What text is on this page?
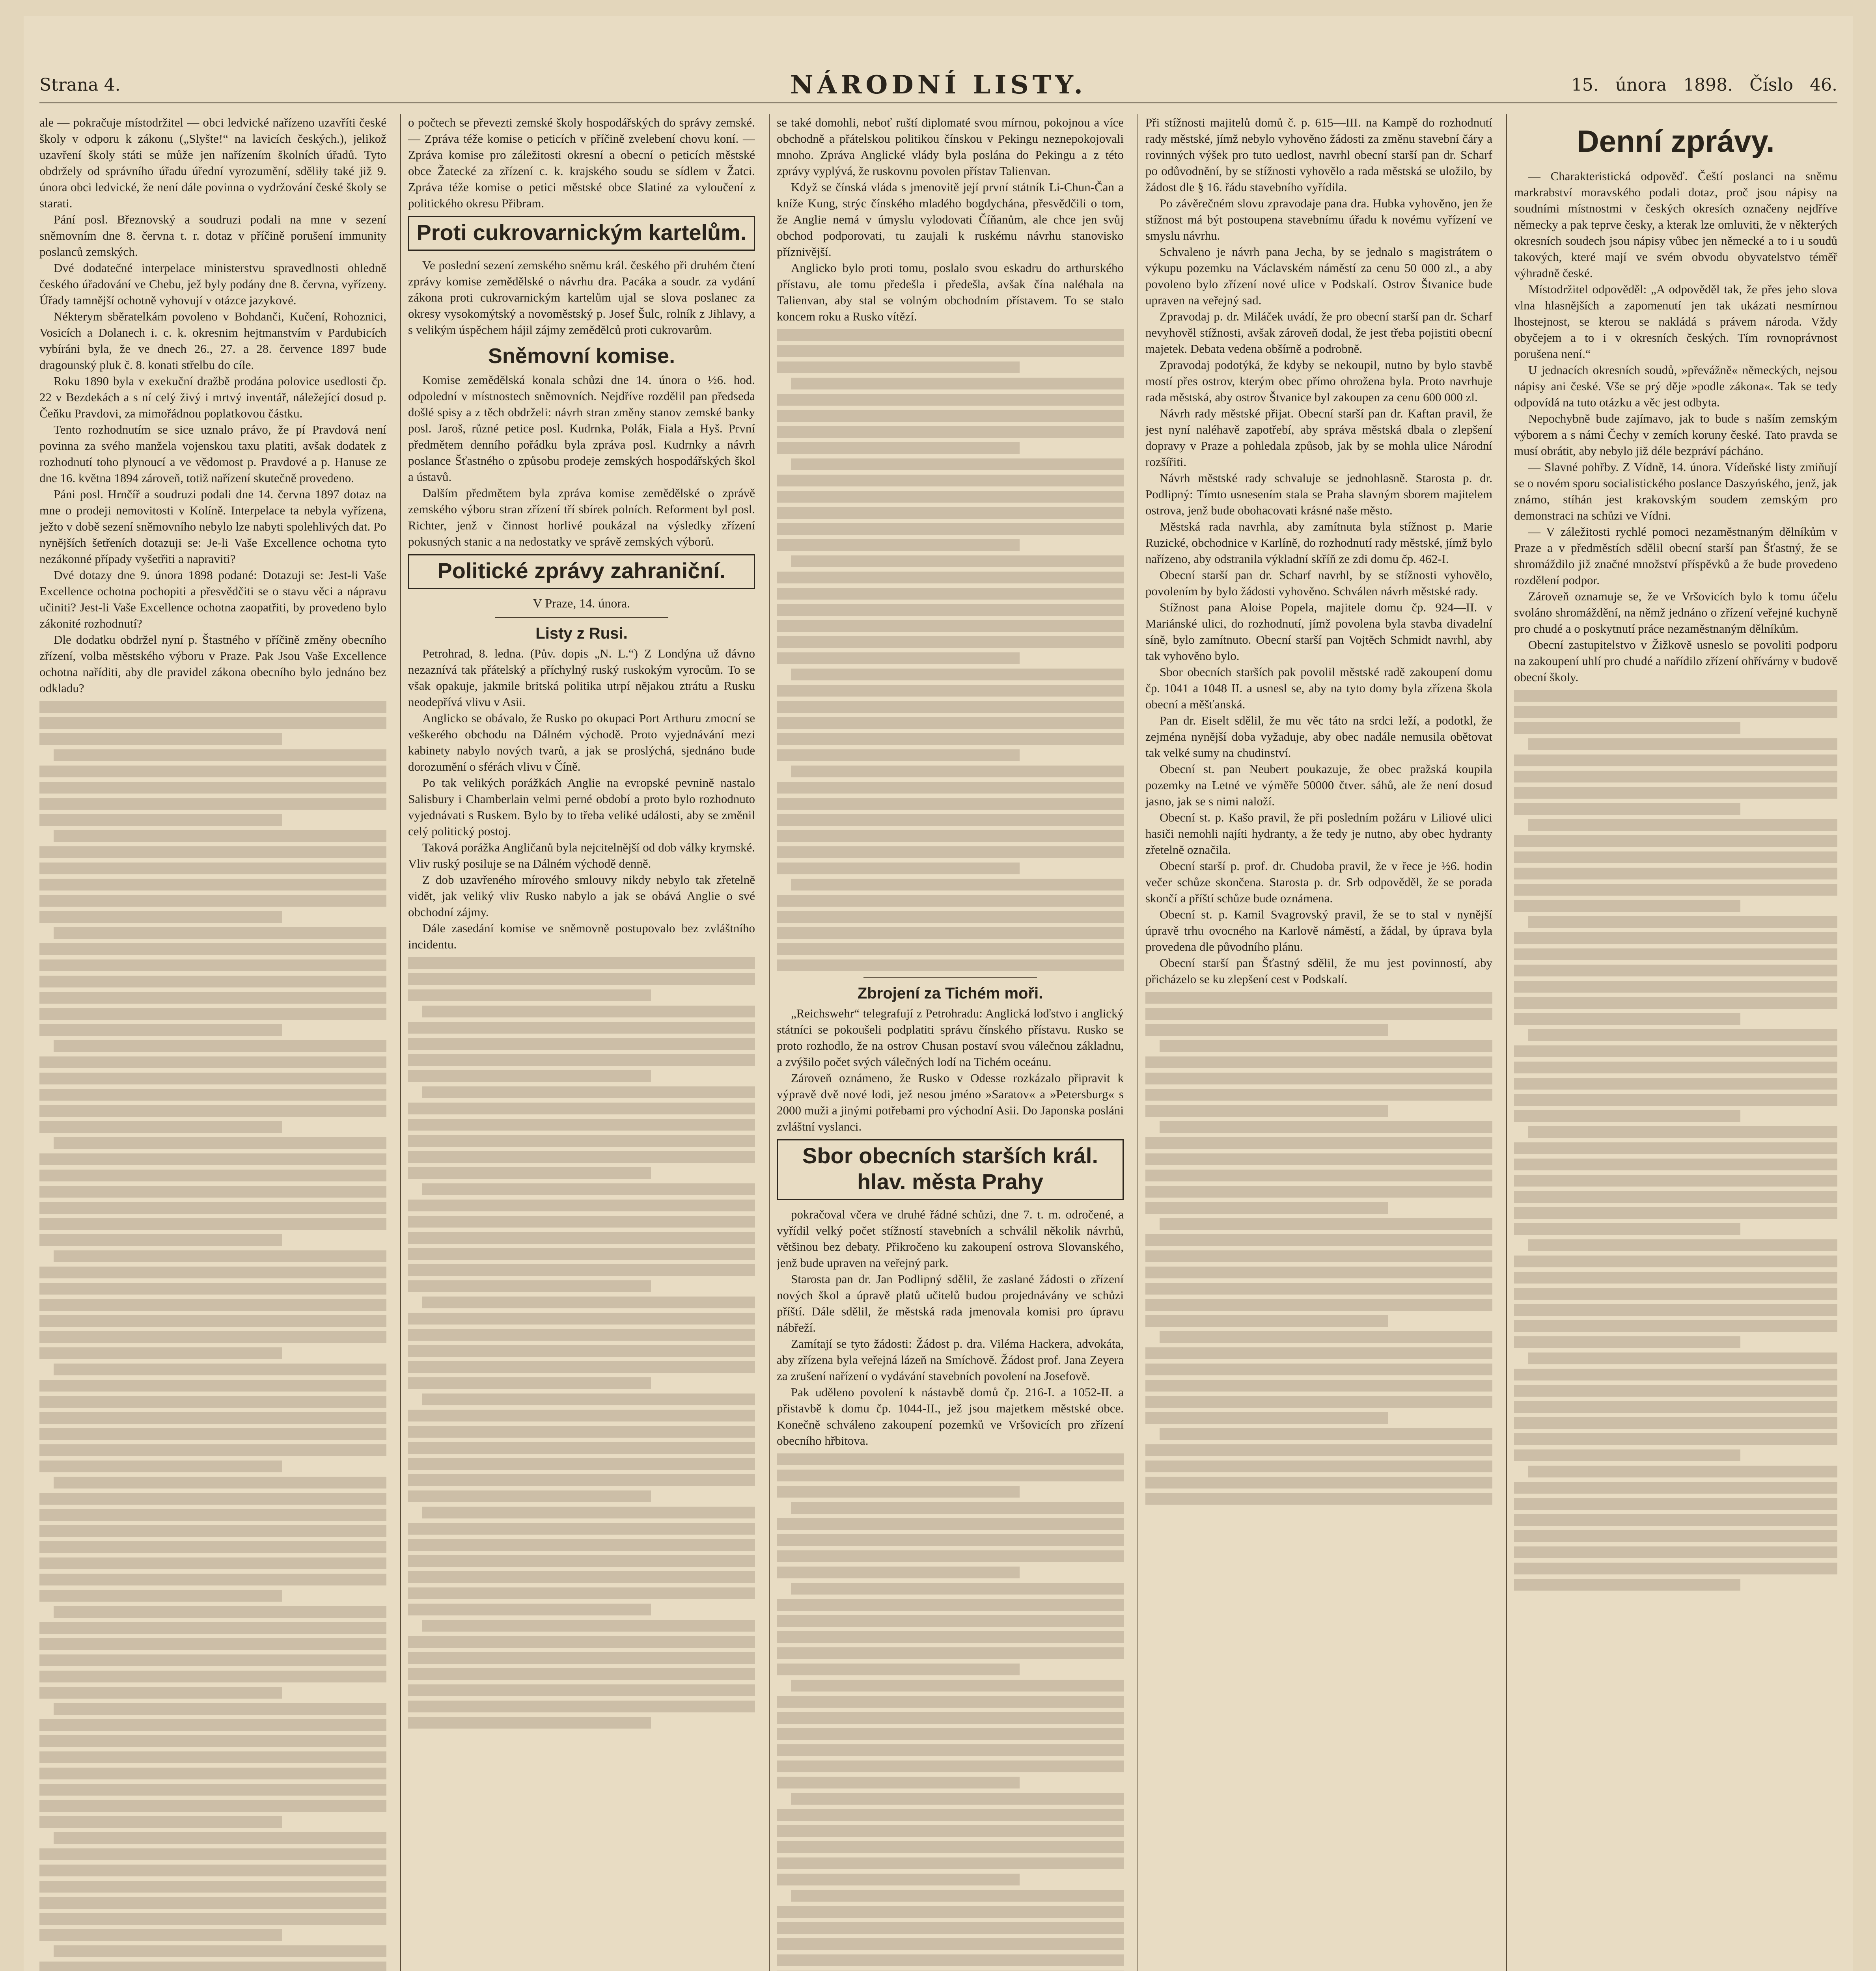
Strana 4.	NÁRODNÍ LISTY.	15. února 1898. Číslo 46.

ale — pokračuje místodržitel — obci ledvické nařízeno uzavříti české školy v odporu k zákonu („Slyšte!“ na lavicích českých.), jelikož uzavření školy státi se může jen nařízením školních úřadů. Tyto obdržely od správního úřadu úřední vyrozumění, sděliły také již 9. února obci ledvické, že není dále povinna o vydržování české školy se starati.

Pání posl. Březnovský a soudruzi podali na mne v sezení sněmovním dne 8. června t. r. dotaz v příčině porušení immunity poslanců zemských.

Dvé dodatečné interpelace ministerstvu spravedlnosti ohledně českého úřadování ve Chebu, jež byly podány dne 8. června, vyřízeny. Úřady tamnější ochotně vyhovují v otázce jazykové.

Nékterym sběratelkám povoleno v Bohdanči, Kučení, Rohoznici, Vosicích a Dolanech i. c. k. okresnim hejtmanstvím v Pardubicích vybíráni byla, že ve dnech 26., 27. a 28. července 1897 bude dragounský pluk č. 8. konati střelbu do cíle.

Roku 1890 byla v exekuční dražbě prodána polovice usedlosti čp. 22 v Bezdekách a s ní celý živý i mrtvý inventář, náležející dosud p. Čeňku Pravdovi, za mimořádnou poplatkovou částku.

Tento rozhodnutím se sice uznalo právo, že pí Pravdová není povinna za svého manžela vojenskou taxu platiti, avšak dodatek z rozhodnutí toho plynoucí a ve vědomost p. Pravdové a p. Hanuse ze dne 16. května 1894 zároveň, totiž nařízení skutečně provedeno.

Páni posl. Hrnčíř a soudruzi podali dne 14. června 1897 dotaz na mne o prodeji nemovitosti v Kolíně. Interpelace ta nebyla vyřízena, ježto v době sezení sněmovního nebylo lze nabyti spolehlivých dat. Po nynějších šetřeních dotazuji se: Je-li Vaše Excellence ochotna tyto nezákonné případy vyšetřiti a napraviti?

Dvé dotazy dne 9. února 1898 podané: Dotazuji se: Jest-li Vaše Excellence ochotna pochopiti a přesvědčiti se o stavu věci a nápravu učiniti? Jest-li Vaše Excellence ochotna zaopatřiti, by provedeno bylo zákonité rozhodnutí?

Dle dodatku obdržel nyní p. Štastného v příčině změny obecního zřízení, volba městského výboru v Praze. Pak Jsou Vaše Excellence ochotna naříditi, aby dle pravidel zákona obecního bylo jednáno bez odkladu?

o počtech se převezti zemské školy hospodářských do správy zemské. — Zpráva téže komise o peticích v příčině zvelebení chovu koní. — Zpráva komise pro záležitosti okresní a obecní o peticích městské obce Žatecké za zřízení c. k. krajského soudu se sídlem v Žatci. Zpráva téže komise o petici městské obce Slatiné za vyloučení z politického okresu Přibram.

Proti cukrovarnickým kartelům.

Ve poslední sezení zemského sněmu král. českého při druhém čtení zprávy komise zemědělské o návrhu dra. Pacáka a soudr. za vydání zákona proti cukrovarnickým kartelům ujal se slova poslanec za okresy vysokomýtský a novoměstský p. Josef Šulc, rolník z Jihlavy, a s velikým úspěchem hájil zájmy zemědělců proti cukrovarům.

Sněmovní komise.

Komise zemědělská konala schůzi dne 14. února o ½6. hod. odpolední v místnostech sněmovních. Nejdříve rozdělil pan předseda došlé spisy a z těch obdrželi: návrh stran změny stanov zemské banky posl. Jaroš, různé petice posl. Kudrnka, Polák, Fiala a Hyš. První předmětem denního pořádku byla zpráva posl. Kudrnky a návrh poslance Šťastného o způsobu prodeje zemských hospodářských škol a ústavů.

Dalším předmětem byla zpráva komise zemědělské o zprávě zemského výboru stran zřízení tří sbírek polních. Reforment byl posl. Richter, jenž v činnost horlivé poukázal na výsledky zřízení pokusných stanic a na nedostatky ve správě zemských výborů.

Politické zprávy zahraniční.
V Praze, 14. února.
Listy z Rusi.

Petrohrad, 8. ledna. (Pův. dopis „N. L.“) Z Londýna už dávno nezaznívá tak přátelský a příchylný ruský ruskokým vyrocům. To se však opakuje, jakmile britská politika utrpí nějakou ztrátu a Rusku neodepřívá vlivu v Asii.

Anglicko se obávalo, že Rusko po okupaci Port Arthuru zmocní se veškerého obchodu na Dálném východě. Proto vyjednávání mezi kabinety nabylo nových tvarů, a jak se proslýchá, sjednáno bude dorozumění o sférách vlivu v Číně.

Po tak velikých porážkách Anglie na evropské pevnině nastalo Salisbury i Chamberlain velmi perné období a proto bylo rozhodnuto vyjednávati s Ruskem. Bylo by to třeba veliké události, aby se změnil celý politický postoj.

Taková porážka Angličanů byla nejcitelnější od dob války krymské. Vliv ruský posiluje se na Dálném východě denně.

Z dob uzavřeného mírového smlouvy nikdy nebylo tak zřetelně vidět, jak veliký vliv Rusko nabylo a jak se obává Anglie o své obchodní zájmy.

Dále zasedání komise ve sněmovně postupovalo bez zvláštního incidentu.

se také domohli, neboť ruští diplomaté svou mírnou, pokojnou a více obchodně a přátelskou politikou čínskou v Pekingu neznepokojovali mnoho. Zpráva Anglické vlády byla poslána do Pekingu a z této zprávy vyplývá, že ruskovnu povolen přístav Talienvan.

Když se čínská vláda s jmenovitě její první státník Li-Chun-Čan a kníže Kung, strýc čínského mladého bogdychána, přesvědčili o tom, že Anglie nemá v úmyslu vylodovati Číňanům, ale chce jen svůj obchod podporovati, tu zaujali k ruskému návrhu stanovisko příznivější.

Anglicko bylo proti tomu, poslalo svou eskadru do arthurského přístavu, ale tomu předešla i předešla, avšak čína naléhala na Talienvan, aby stal se volným obchodním přístavem. To se stalo koncem roku a Rusko vítězí.

Zbrojení za Tichém moři.

„Reichswehr“ telegrafují z Petrohradu: Anglická loďstvo i anglický státníci se pokoušeli podplatiti správu čínského přístavu. Rusko se proto rozhodlo, že na ostrov Chusan postaví svou válečnou základnu, a zvýšilo počet svých válečných lodí na Tichém oceánu.

Zároveň oznámeno, že Rusko v Odesse rozkázalo připravit k výpravě dvě nové lodi, jež nesou jméno »Saratov« a »Petersburg« s 2000 muži a jinými potřebami pro východní Asii. Do Japonska posláni zvláštní vyslanci.

Sbor obecních starších král. hlav. města Prahy

pokračoval včera ve druhé řádné schůzi, dne 7. t. m. odročené, a vyřídil velký počet stížností stavebních a schválil několik návrhů, většinou bez debaty. Přikročeno ku zakoupení ostrova Slovanského, jenž bude upraven na veřejný park.

Starosta pan dr. Jan Podlipný sdělil, že zaslané žádosti o zřízení nových škol a úpravě platů učitelů budou projednávány ve schůzi příští. Dále sdělil, že městská rada jmenovala komisi pro úpravu nábřeží.

Zamítají se tyto žádosti: Žádost p. dra. Viléma Hackera, advokáta, aby zřízena byla veřejná lázeň na Smíchově. Žádost prof. Jana Zeyera za zrušení nařízení o vydávání stavebních povolení na Josefově.

Pak uděleno povolení k nástavbě domů čp. 216-I. a 1052-II. a přistavbě k domu čp. 1044-II., jež jsou majetkem městské obce. Konečně schváleno zakoupení pozemků ve Vršovicích pro zřízení obecního hřbitova.

Při stížnosti majitelů domů č. p. 615—III. na Kampě do rozhodnutí rady městské, jímž nebylo vyhověno žádosti za změnu stavební čáry a rovinných výšek pro tuto uedlost, navrhl obecní starší pan dr. Scharf po odůvodnění, by se stížnosti vyhovělo a rada městská se uložilo, by žádost dle § 16. řádu stavebního vyřídila.

Po závěrečném slovu zpravodaje pana dra. Hubka vyhověno, jen že stížnost má být postoupena stavebnímu úřadu k novému vyřízení ve smyslu návrhu.

Schvaleno je návrh pana Jecha, by se jednalo s magistrátem o výkupu pozemku na Václavském náměstí za cenu 50 000 zl., a aby povoleno bylo zřízení nové ulice v Podskalí. Ostrov Štvanice bude upraven na veřejný sad.

Zpravodaj p. dr. Miláček uvádí, že pro obecní starší pan dr. Scharf nevyhověl stížnosti, avšak zároveň dodal, že jest třeba pojistiti obecní majetek. Debata vedena obšírně a podrobně.

Zpravodaj podotýká, že kdyby se nekoupil, nutno by bylo stavbě mostí přes ostrov, kterým obec přímo ohrožena byla. Proto navrhuje rada městská, aby ostrov Štvanice byl zakoupen za cenu 600 000 zl.

Návrh rady městské přijat. Obecní starší pan dr. Kaftan pravil, že jest nyní naléhavě zapotřebí, aby správa městská dbala o zlepšení dopravy v Praze a pohledala způsob, jak by se mohla ulice Národní rozšířiti.

Návrh městské rady schvaluje se jednohlasně. Starosta p. dr. Podlipný: Tímto usnesením stala se Praha slavným sborem majitelem ostrova, jenž bude obohacovati krásné naše město.

Městská rada navrhla, aby zamítnuta byla stížnost p. Marie Ruzické, obchodnice v Karlíně, do rozhodnutí rady městské, jímž bylo nařízeno, aby odstranila výkladní skříň ze zdi domu čp. 462-I.

Obecní starší pan dr. Scharf navrhl, by se stížnosti vyhovělo, povolením by bylo žádosti vyhověno. Schválen návrh městské rady.

Stížnost pana Aloise Popela, majitele domu čp. 924—II. v Mariánské ulici, do rozhodnutí, jímž povolena byla stavba divadelní síně, bylo zamítnuto. Obecní starší pan Vojtěch Schmidt navrhl, aby tak vyhověno bylo.

Sbor obecních starších pak povolil městské radě zakoupení domu čp. 1041 a 1048 II. a usnesl se, aby na tyto domy byla zřízena škola obecní a měšťanská.

Pan dr. Eiselt sdělil, že mu věc táto na srdci leží, a podotkl, že zejména nynější doba vyžaduje, aby obec nadále nemusila obětovat tak velké sumy na chudinství.

Obecní st. pan Neubert poukazuje, že obec pražská koupila pozemky na Letné ve výměře 50000 čtver. sáhů, ale že není dosud jasno, jak se s nimi naloží.

Obecní st. p. Kašo pravil, že při posledním požáru v Liliové ulici hasiči nemohli najíti hydranty, a že tedy je nutno, aby obec hydranty zřetelně označila.

Obecní starší p. prof. dr. Chudoba pravil, že v řece je ½6. hodin večer schůze skončena. Starosta p. dr. Srb odpověděl, že se porada skončí a příští schůze bude oznámena.

Obecní st. p. Kamil Svagrovský pravil, že se to stal v nynější úpravě trhu ovocného na Karlově náměstí, a žádal, by úprava byla provedena dle původního plánu.

Obecní starší pan Šťastný sdělil, že mu jest povinností, aby přicházelo se ku zlepšení cest v Podskalí.

Denní zprávy.

— Charakteristická odpověď. Čeští poslanci na sněmu markrabství moravského podali dotaz, proč jsou nápisy na soudními místnostmi v českých okresích označeny nejdříve německy a pak teprve česky, a kterak lze omluviti, že v některých okresních soudech jsou nápisy vůbec jen německé a to i u soudů takových, které mají ve svém obvodu obyvatelstvo téměř výhradně české.

Místodržitel odpověděl: „A odpověděl tak, že přes jeho slova vlna hlasnějších a zapomenutí jen tak ukázati nesmírnou lhostejnost, se kterou se nakládá s právem národa. Vždy obyčejem a to i v okresních českých. Tím rovnoprávnost porušena není.“

U jednacích okresních soudů, »převážně« německých, nejsou nápisy ani české. Vše se prý děje »podle zákona«. Tak se tedy odpovídá na tuto otázku a věc jest odbyta.

Nepochybně bude zajímavo, jak to bude s naším zemským výborem a s námi Čechy v zemích koruny české. Tato pravda se musí obrátit, aby nebylo již déle bezpráví pácháno.

— Slavné pohřby. Z Vídně, 14. února. Vídeňské listy zmiňují se o novém sporu socialistického poslance Daszyńského, jenž, jak známo, stíhán jest krakovským soudem zemským pro demonstraci na schůzi ve Vídni.

— V záležitosti rychlé pomoci nezaměstnaným dělníkům v Praze a v předměstích sdělil obecní starší pan Šťastný, že se shromáždilo již značné množství příspěvků a že bude provedeno rozdělení podpor.

Zároveň oznamuje se, že ve Vršovicích bylo k tomu účelu svoláno shromáždění, na němž jednáno o zřízení veřejné kuchyně pro chudé a o poskytnutí práce nezaměstnaným dělníkům.

Obecní zastupitelstvo v Žižkově usneslo se povoliti podporu na zakoupení uhlí pro chudé a nařídilo zřízení ohřívárny v budově obecní školy.
